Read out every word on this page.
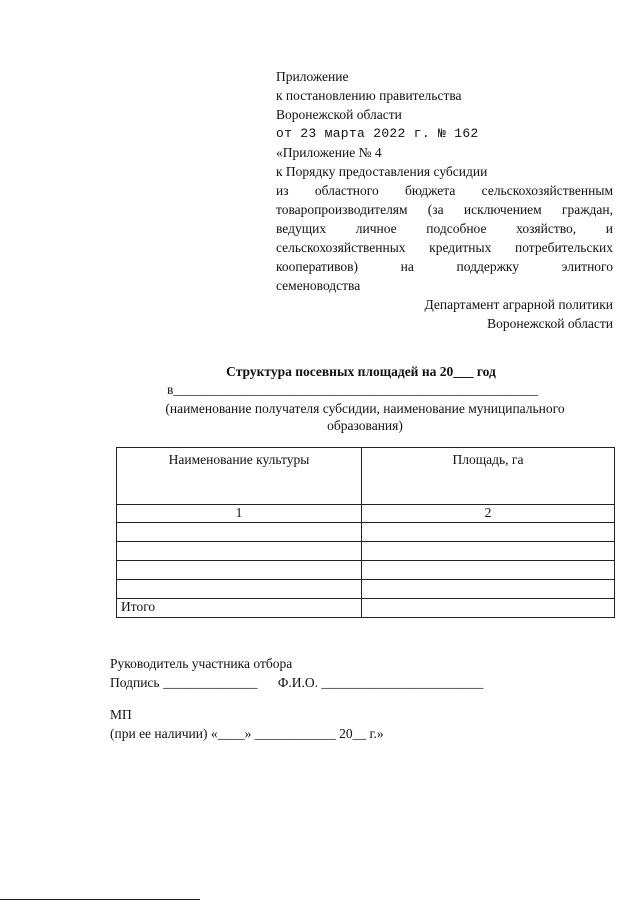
Приложение
к постановлению правительства
Воронежской области
от 23 марта 2022 г. № 162
«Приложение № 4
к Порядку предоставления субсидии
из областного бюджета сельскохозяйственным
товаропроизводителям (за исключением граждан,
ведущих личное подсобное хозяйство, и
сельскохозяйственных кредитных потребительских
кооперативов) на поддержку элитного
семеноводства
Департамент аграрной политики
Воронежской области
Структура посевных площадей на 20___ год
в______________________________________________________
(наименование получателя субсидии, наименование муниципального
образования)
Наименование культуры	Площадь, га
1	2

Итого	
Руководитель участника отбора
Подпись ______________      Ф.И.О. ________________________
МП
(при ее наличии) «____» ____________ 20__ г.»
